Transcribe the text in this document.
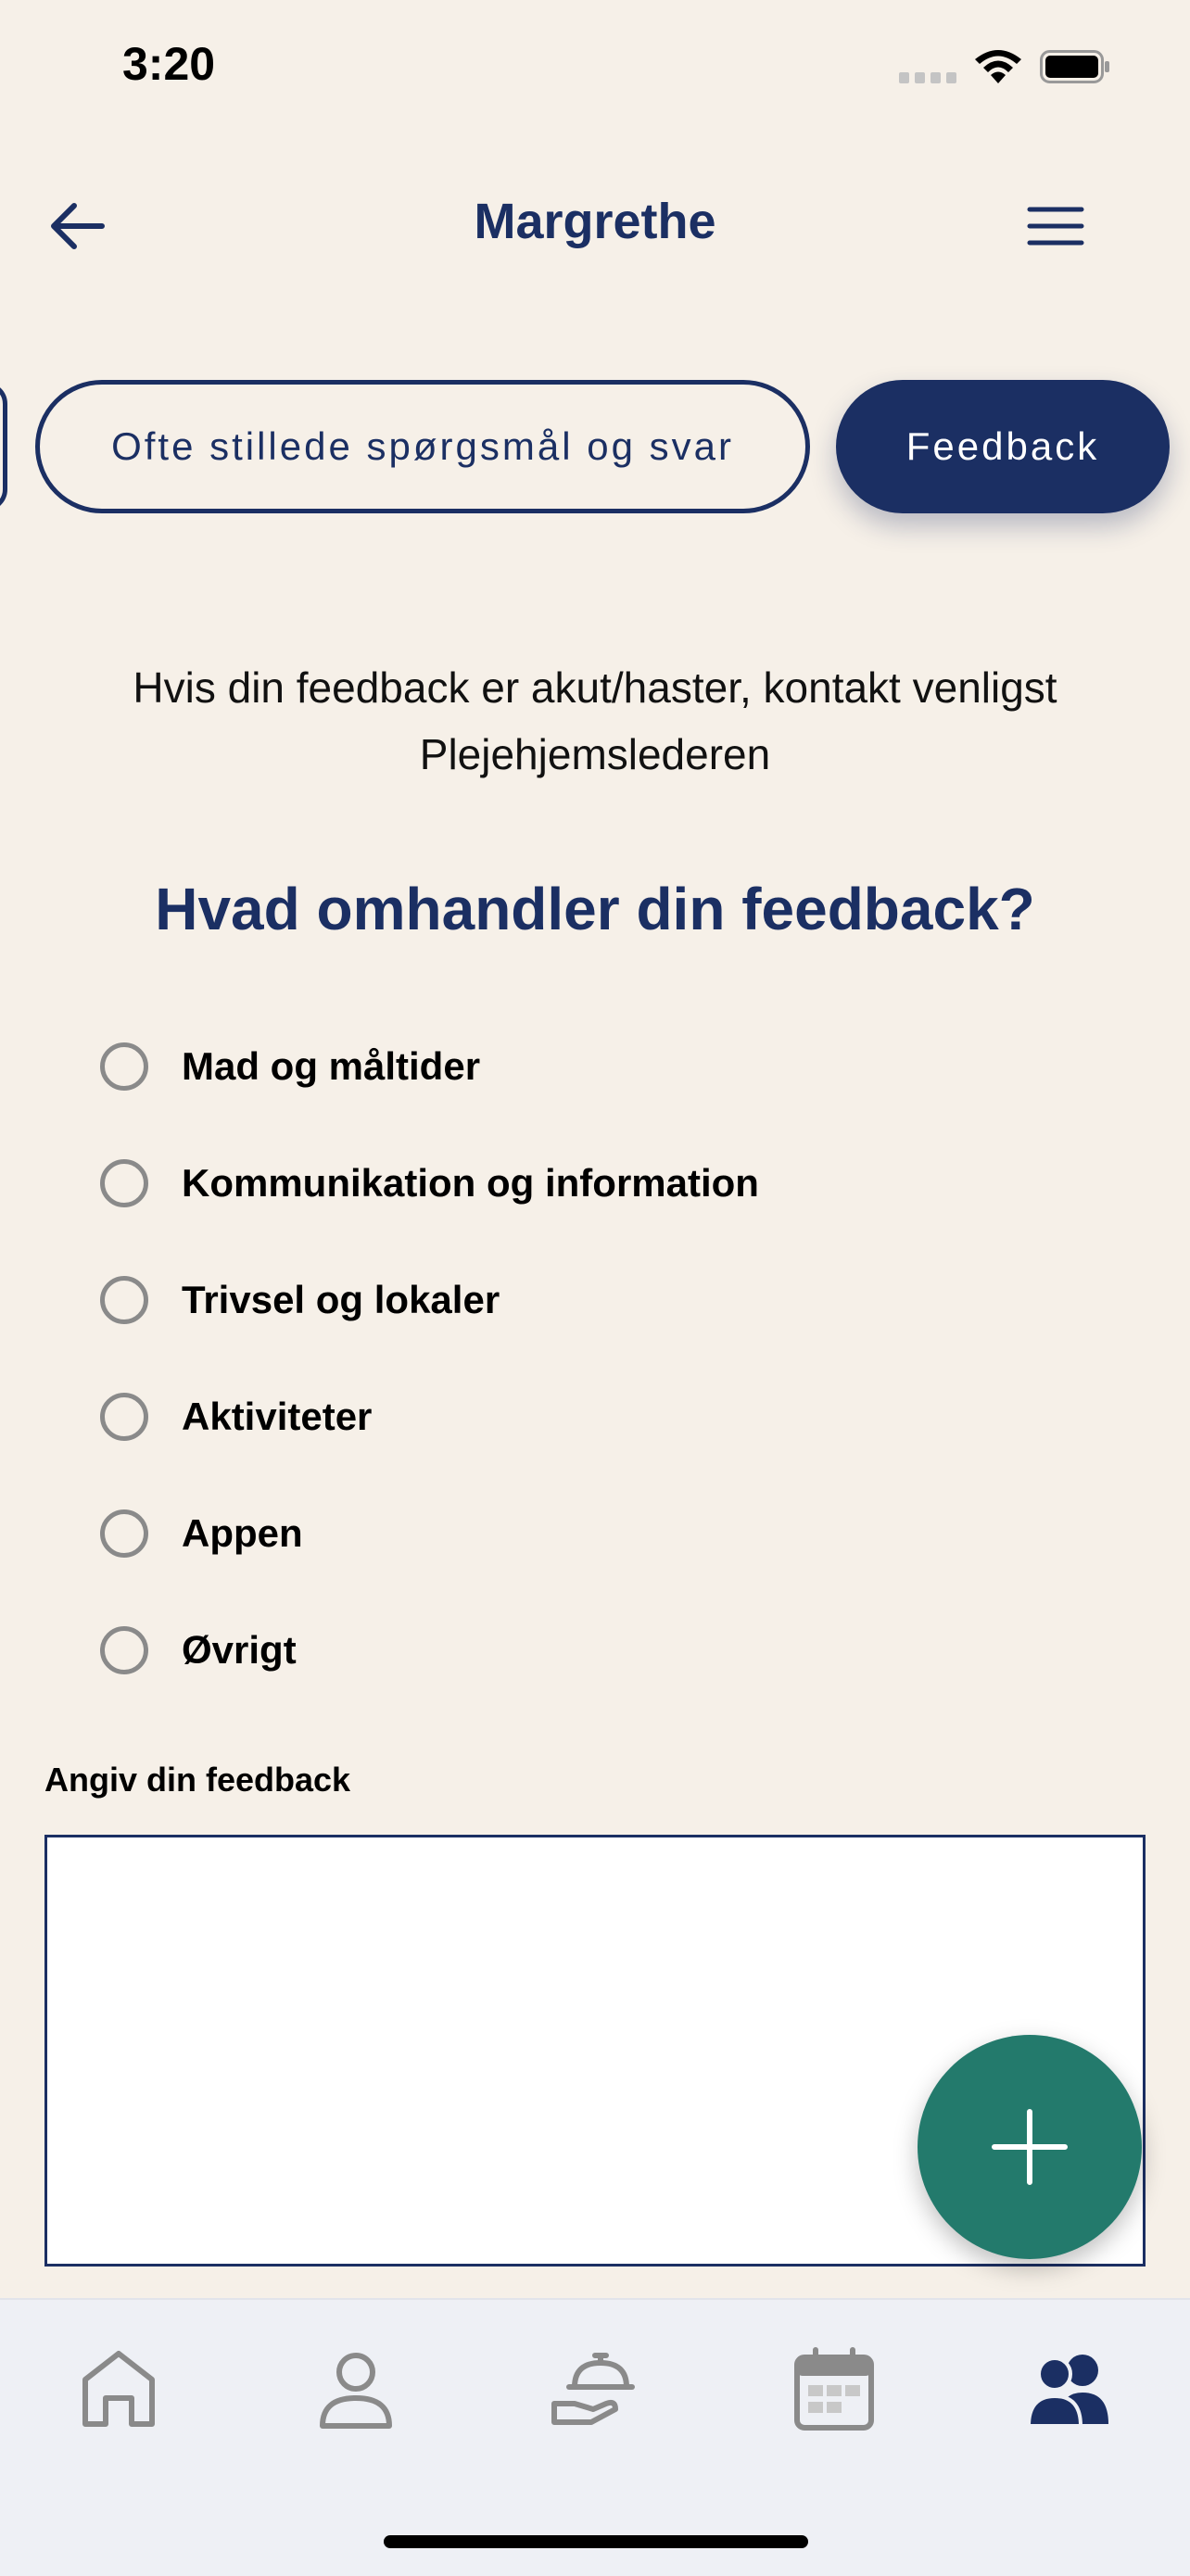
3:20
Margrethe
Ofte stillede spørgsmål og svar	Feedback
Hvis din feedback er akut/haster, kontakt venligst Plejehjemslederen
Hvad omhandler din feedback?
Mad og måltider
Kommunikation og information
Trivsel og lokaler
Aktiviteter
Appen
Øvrigt
Angiv din feedback
